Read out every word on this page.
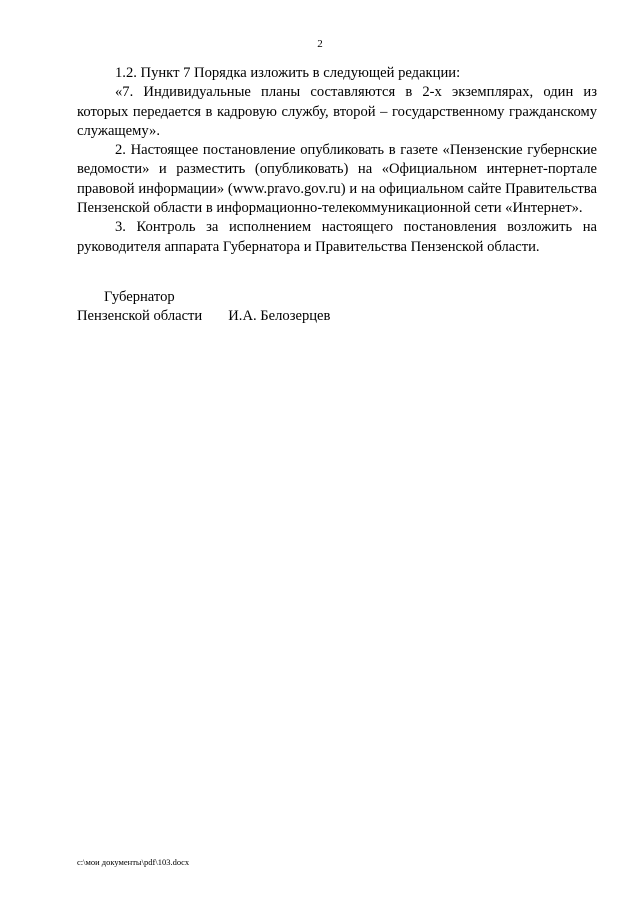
2

1.2. Пункт 7 Порядка изложить в следующей редакции:

«7. Индивидуальные планы составляются в 2-х экземплярах, один из которых передается в кадровую службу, второй – государственному гражданскому служащему».

2. Настоящее постановление опубликовать в газете «Пензенские губернские ведомости» и разместить (опубликовать) на «Официальном интернет-портале правовой информации» (www.pravo.gov.ru) и на официальном сайте Правительства Пензенской области в информационно-телекоммуникационной сети «Интернет».

3. Контроль за исполнением настоящего постановления возложить на руководителя аппарата Губернатора и Правительства Пензенской области.

Губернатор
Пензенской области И.А. Белозерцев
c:\мои документы\pdf\103.docx
